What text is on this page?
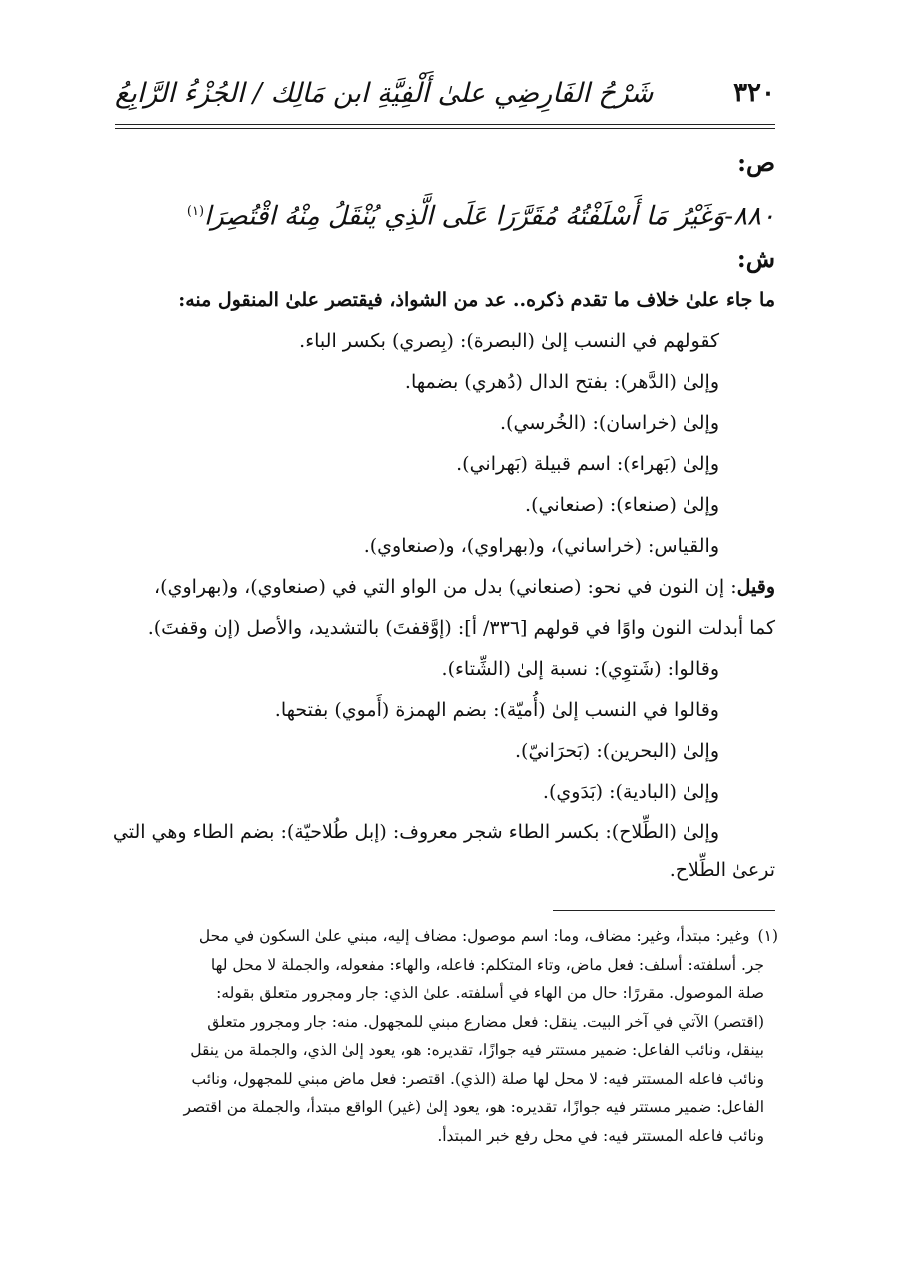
شَرْحُ الفَارِضِي علىٰ أَلْفِيَّةِ ابن مَالِك / الجُزْءُ الرَّابِعُ	٣٢٠
ص:
٨٨٠-وَغَيْرُ مَا أَسْلَفْتُهُ مُقَرَّرَا عَلَى الَّذِي يُنْقَلُ مِنْهُ اقْتُصِرَا$^{(١)}$
ش:
ما جاء علىٰ خلاف ما تقدم ذكره.. عد من الشواذ، فيقتصر علىٰ المنقول منه:
كقولهم في النسب إلىٰ (البصرة): (بِصري) بكسر الباء.
وإلىٰ (الدَّهر): بفتح الدال (دُهري) بضمها.
وإلىٰ (خراسان): (الخُرسي).
وإلىٰ (بَهراء): اسم قبيلة (بَهراني).
وإلىٰ (صنعاء): (صنعاني).
والقياس: (خراساني)، و(بهراوي)، و(صنعاوي).
وقيل: إن النون في نحو: (صنعاني) بدل من الواو التي في (صنعاوي)، و(بهراوي)،
كما أبدلت النون واوًا في قولهم [٣٣٦/ أ]: (إوَّقفتَ) بالتشديد، والأصل (إن وقفتَ).
وقالوا: (شَتوِي): نسبة إلىٰ (الشِّتاء).
وقالوا في النسب إلىٰ (أُميّة): بضم الهمزة (أَموي) بفتحها.
وإلىٰ (البحرين): (بَحرَانيّ).
وإلىٰ (البادية): (بَدَوي).
وإلىٰ (الطِّلاح): بكسر الطاء شجر معروف: (إبل طُلاحيّة): بضم الطاء وهي التي
ترعىٰ الطِّلاح.
(١)وغير: مبتدأ، وغير: مضاف، وما: اسم موصول: مضاف إليه، مبني علىٰ السكون في محل
جر. أسلفته: أسلف: فعل ماض، وتاء المتكلم: فاعله، والهاء: مفعوله، والجملة لا محل لها
صلة الموصول. مقررًا: حال من الهاء في أسلفته. علىٰ الذي: جار ومجرور متعلق بقوله:
(اقتصر) الآتي في آخر البيت. ينقل: فعل مضارع مبني للمجهول. منه: جار ومجرور متعلق
بينقل، ونائب الفاعل: ضمير مستتر فيه جوازًا، تقديره: هو، يعود إلىٰ الذي، والجملة من ينقل
ونائب فاعله المستتر فيه: لا محل لها صلة (الذي). اقتصر: فعل ماض مبني للمجهول، ونائب
الفاعل: ضمير مستتر فيه جوازًا، تقديره: هو، يعود إلىٰ (غير) الواقع مبتدأ، والجملة من اقتصر
ونائب فاعله المستتر فيه: في محل رفع خبر المبتدأ.
